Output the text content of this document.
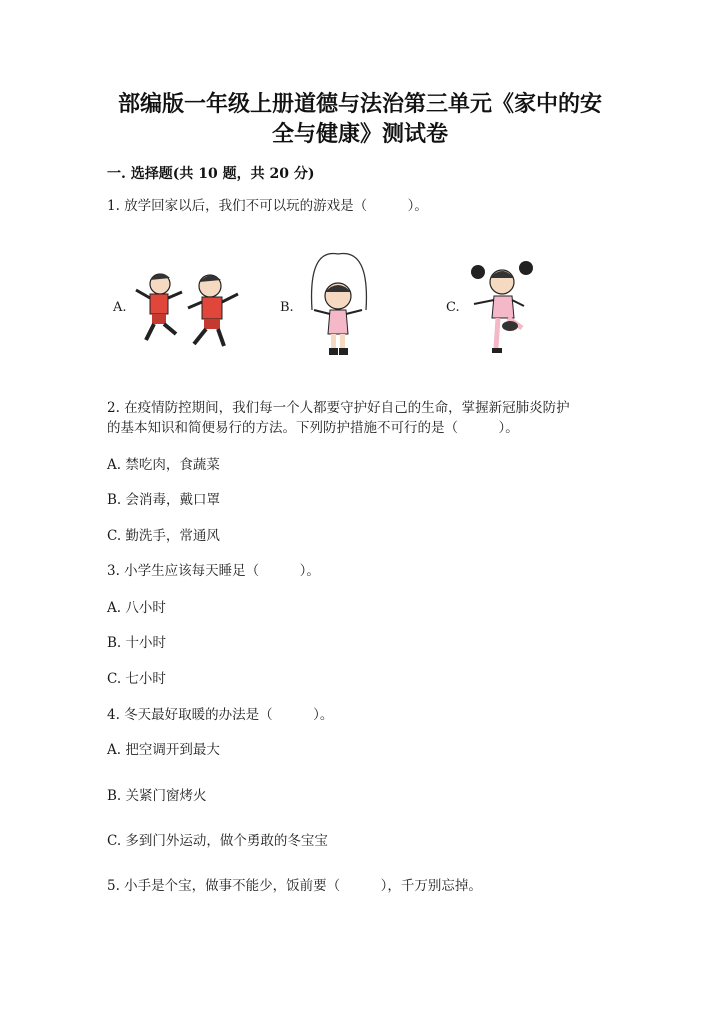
部编版一年级上册道德与法治第三单元《家中的安
全与健康》测试卷
一. 选择题(共 10 题，共 20 分)
1. 放学回家以后，我们不可以玩的游戏是（　　　）。
A.	B.	C.
2. 在疫情防控期间，我们每一个人都要守护好自己的生命，掌握新冠肺炎防护
的基本知识和简便易行的方法。下列防护措施不可行的是（　　　）。
A. 禁吃肉，食蔬菜
B. 会消毒，戴口罩
C. 勤洗手，常通风
3. 小学生应该每天睡足（　　　）。
A. 八小时
B. 十小时
C. 七小时
4. 冬天最好取暖的办法是（　　　）。
A. 把空调开到最大
B. 关紧门窗烤火
C. 多到门外运动，做个勇敢的冬宝宝
5. 小手是个宝，做事不能少，饭前要（　　　），千万别忘掉。
